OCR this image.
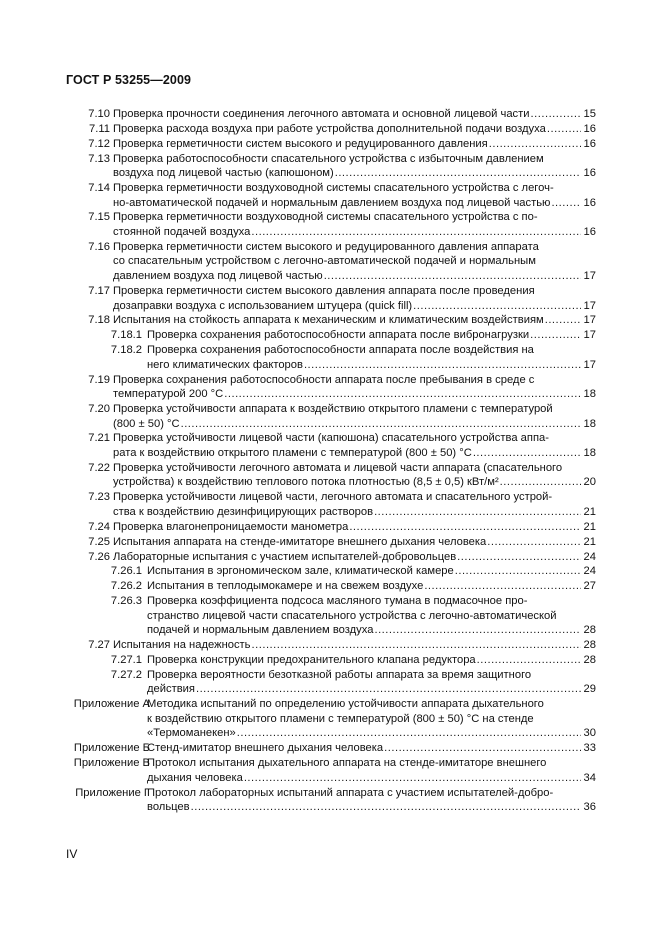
ГОСТ Р 53255—2009
7.10 Проверка прочности соединения легочного автомата и основной лицевой части .....	15
7.11 Проверка расхода воздуха при работе устройства дополнительной подачи воздуха .....	16
7.12 Проверка герметичности систем высокого и редуцированного давления .....	16
7.13 Проверка работоспособности спасательного устройства с избыточным давлением
воздуха под лицевой частью (капюшоном) .....	16
7.14 Проверка герметичности воздуховодной системы спасательного устройства с легоч-
но-автоматической подачей и нормальным давлением воздуха под лицевой частью .....	16
7.15 Проверка герметичности воздуховодной системы спасательного устройства с по-
стоянной подачей воздуха .....	16
7.16 Проверка герметичности систем высокого и редуцированного давления аппарата
со спасательным устройством с легочно-автоматической подачей и нормальным
давлением воздуха под лицевой частью .....	17
7.17 Проверка герметичности систем высокого давления аппарата после проведения
дозаправки воздуха с использованием штуцера (quick fill) .....	17
7.18 Испытания на стойкость аппарата к механическим и климатическим воздействиям .....	17
7.18.1 Проверка сохранения работоспособности аппарата после вибронагрузки .....	17
7.18.2 Проверка сохранения работоспособности аппарата после воздействия на
него климатических факторов .....	17
7.19 Проверка сохранения работоспособности аппарата после пребывания в среде с
температурой 200 °С .....	18
7.20 Проверка устойчивости аппарата к воздействию открытого пламени с температурой
(800 ± 50) °С .....	18
7.21 Проверка устойчивости лицевой части (капюшона) спасательного устройства аппа-
рата к воздействию открытого пламени с температурой (800 ± 50) °С .....	18
7.22 Проверка устойчивости легочного автомата и лицевой части аппарата (спасательного
устройства) к воздействию теплового потока плотностью (8,5 ± 0,5) кВт/м² .....	20
7.23 Проверка устойчивости лицевой части, легочного автомата и спасательного устрой-
ства к воздействию дезинфицирующих растворов .....	21
7.24 Проверка влагонепроницаемости манометра .....	21
7.25 Испытания аппарата на стенде-имитаторе внешнего дыхания человека .....	21
7.26 Лабораторные испытания с участием испытателей-добровольцев .....	24
7.26.1 Испытания в эргономическом зале, климатической камере .....	24
7.26.2 Испытания в теплодымокамере и на свежем воздухе .....	27
7.26.3 Проверка коэффициента подсоса масляного тумана в подмасочное про-
странство лицевой части спасательного устройства с легочно-автоматической
подачей и нормальным давлением воздуха .....	28
7.27 Испытания на надежность .....	28
7.27.1 Проверка конструкции предохранительного клапана редуктора .....	28
7.27.2 Проверка вероятности безотказной работы аппарата за время защитного
действия .....	29
Приложение А
Методика испытаний по определению устойчивости аппарата дыхательного
к воздействию открытого пламени с температурой (800 ± 50) °С на стенде
«Термоманекен» .....	30
Приложение Б
Стенд-имитатор внешнего дыхания человека .....	33
Приложение В
Протокол испытания дыхательного аппарата на стенде-имитаторе внешнего
дыхания человека .....	34
Приложение Г
Протокол лабораторных испытаний аппарата с участием испытателей-добро-
вольцев .....	36
IV
